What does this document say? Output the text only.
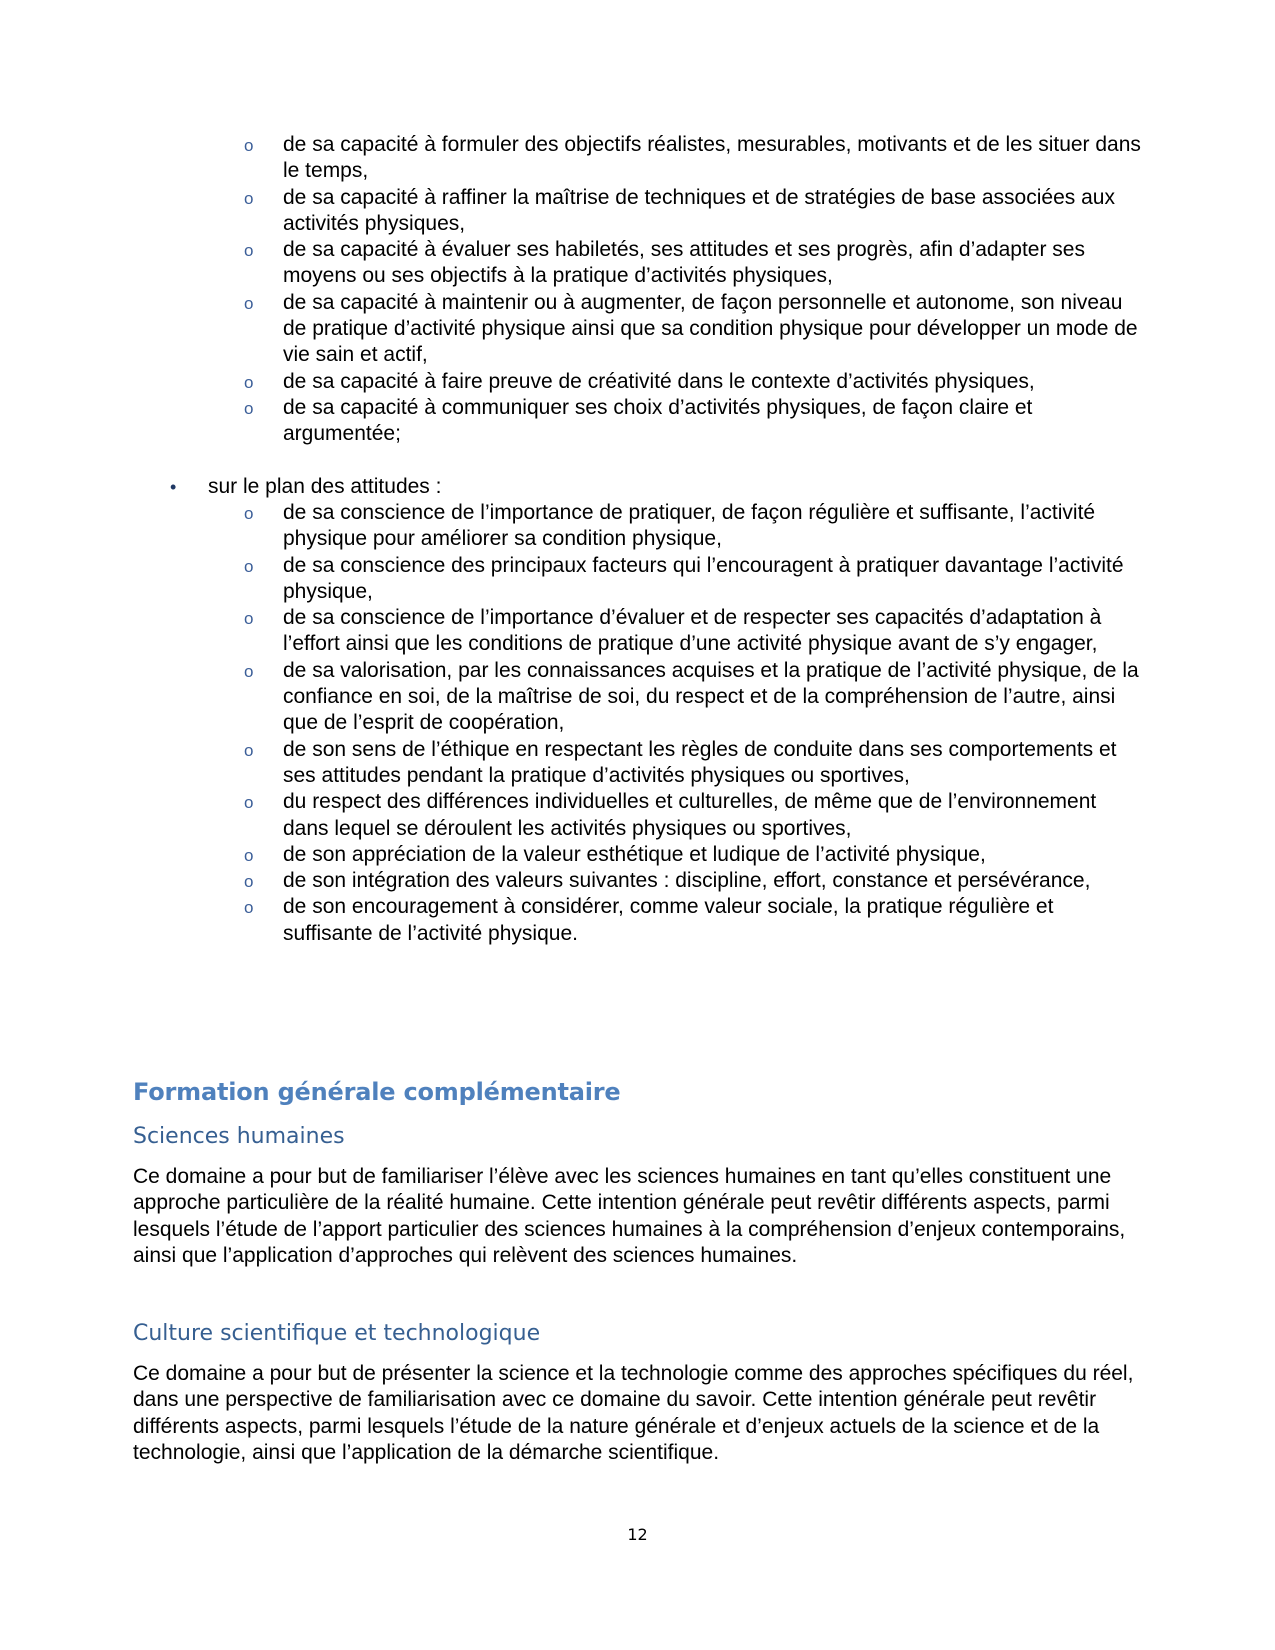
o de sa capacité à formuler des objectifs réalistes, mesurables, motivants et de les situer dans le temps,
o de sa capacité à raffiner la maîtrise de techniques et de stratégies de base associées aux activités physiques,
o de sa capacité à évaluer ses habiletés, ses attitudes et ses progrès, afin d’adapter ses moyens ou ses objectifs à la pratique d’activités physiques,
o de sa capacité à maintenir ou à augmenter, de façon personnelle et autonome, son niveau de pratique d’activité physique ainsi que sa condition physique pour développer un mode de vie sain et actif,
o de sa capacité à faire preuve de créativité dans le contexte d’activités physiques,
o de sa capacité à communiquer ses choix d’activités physiques, de façon claire et argumentée;
• sur le plan des attitudes :
o de sa conscience de l’importance de pratiquer, de façon régulière et suffisante, l’activité physique pour améliorer sa condition physique,
o de sa conscience des principaux facteurs qui l’encouragent à pratiquer davantage l’activité physique,
o de sa conscience de l’importance d’évaluer et de respecter ses capacités d’adaptation à l’effort ainsi que les conditions de pratique d’une activité physique avant de s’y engager,
o de sa valorisation, par les connaissances acquises et la pratique de l’activité physique, de la confiance en soi, de la maîtrise de soi, du respect et de la compréhension de l’autre, ainsi que de l’esprit de coopération,
o de son sens de l’éthique en respectant les règles de conduite dans ses comportements et ses attitudes pendant la pratique d’activités physiques ou sportives,
o du respect des différences individuelles et culturelles, de même que de l’environnement dans lequel se déroulent les activités physiques ou sportives,
o de son appréciation de la valeur esthétique et ludique de l’activité physique,
o de son intégration des valeurs suivantes : discipline, effort, constance et persévérance,
o de son encouragement à considérer, comme valeur sociale, la pratique régulière et suffisante de l’activité physique.
Formation générale complémentaire
Sciences humaines
Ce domaine a pour but de familiariser l’élève avec les sciences humaines en tant qu’elles constituent une approche particulière de la réalité humaine. Cette intention générale peut revêtir différents aspects, parmi lesquels l’étude de l’apport particulier des sciences humaines à la compréhension d’enjeux contemporains, ainsi que l’application d’approches qui relèvent des sciences humaines.
Culture scientifique et technologique
Ce domaine a pour but de présenter la science et la technologie comme des approches spécifiques du réel, dans une perspective de familiarisation avec ce domaine du savoir. Cette intention générale peut revêtir différents aspects, parmi lesquels l’étude de la nature générale et d’enjeux actuels de la science et de la technologie, ainsi que l’application de la démarche scientifique.
12
